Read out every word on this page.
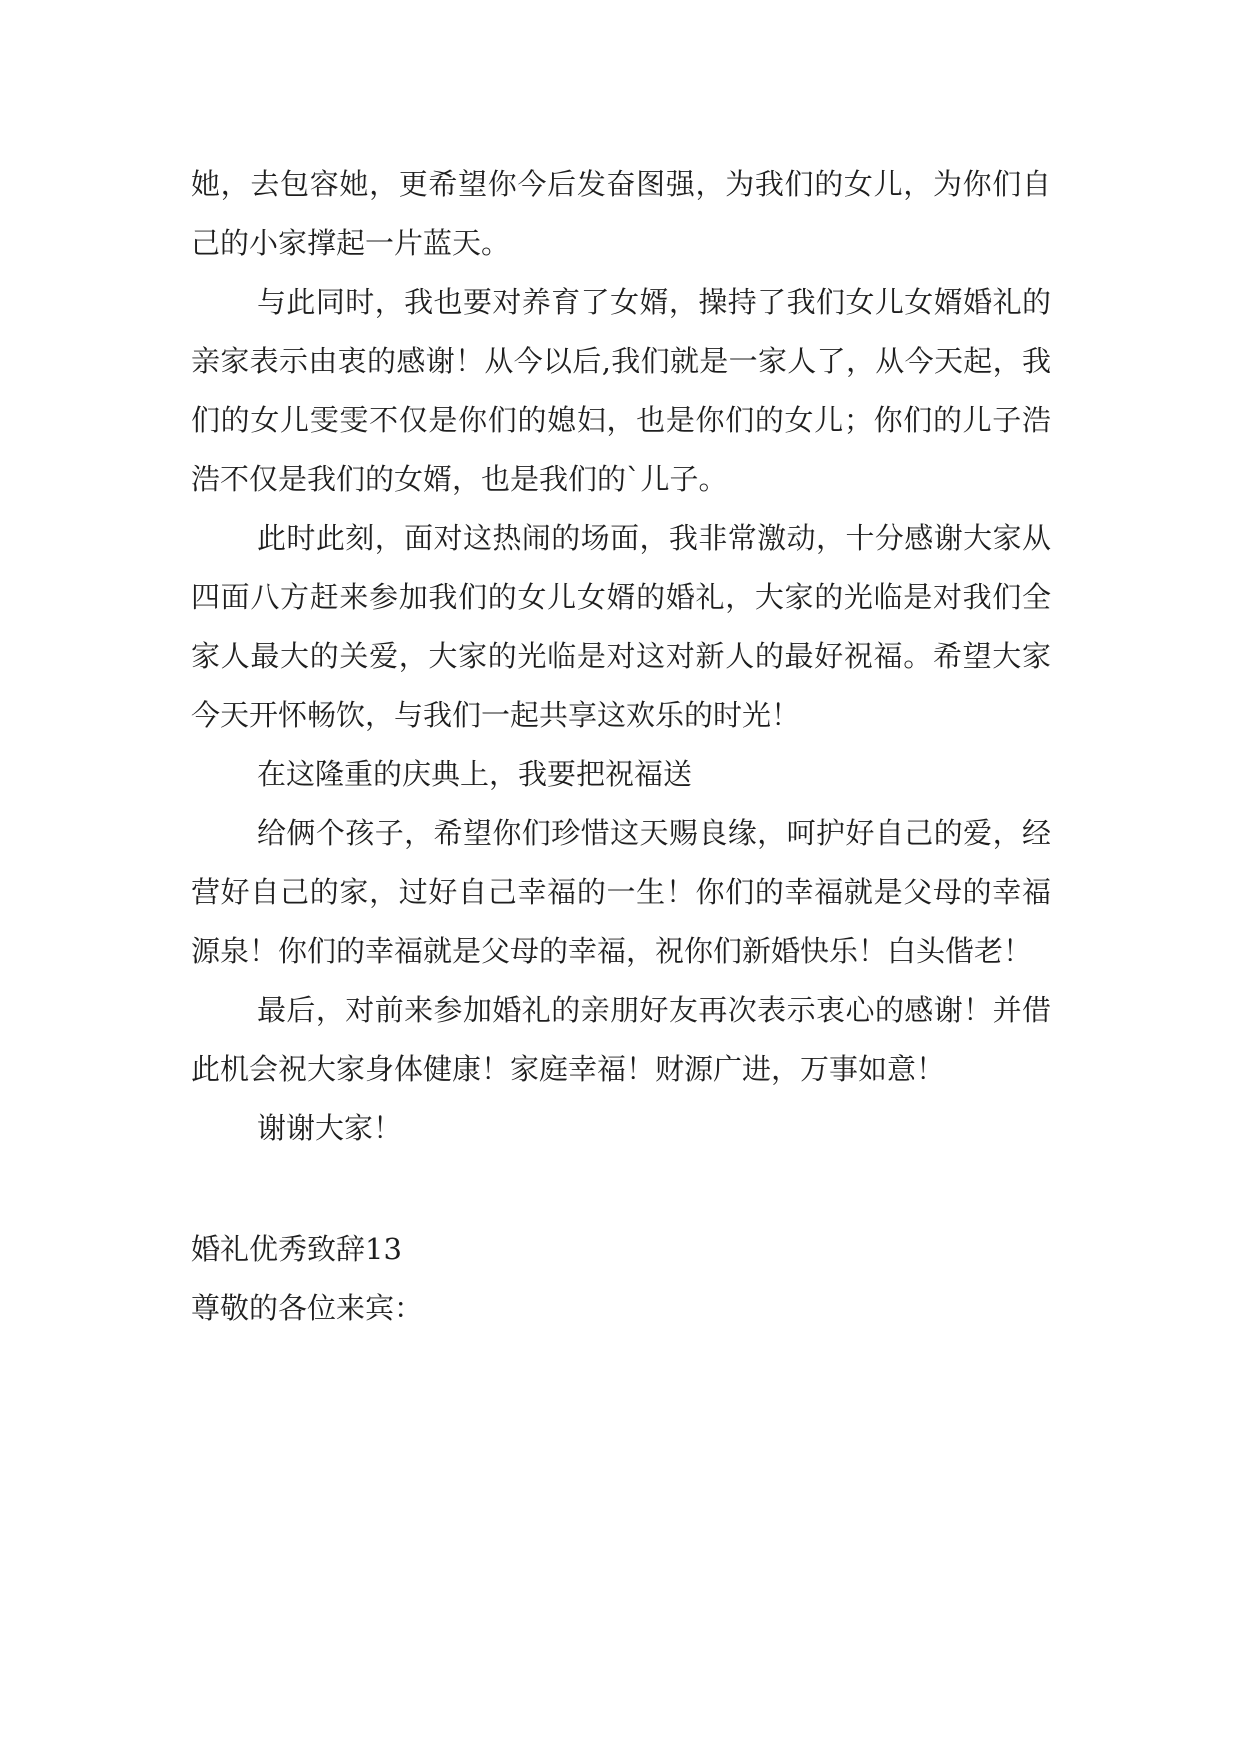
她，去包容她，更希望你今后发奋图强，为我们的女儿，为你们自己的小家撑起一片蓝天。

与此同时，我也要对养育了女婿，操持了我们女儿女婿婚礼的亲家表示由衷的感谢！从今以后,我们就是一家人了，从今天起，我们的女儿雯雯不仅是你们的媳妇，也是你们的女儿；你们的儿子浩浩不仅是我们的女婿，也是我们的`儿子。

此时此刻，面对这热闹的场面，我非常激动，十分感谢大家从四面八方赶来参加我们的女儿女婿的婚礼，大家的光临是对我们全家人最大的关爱，大家的光临是对这对新人的最好祝福。希望大家今天开怀畅饮，与我们一起共享这欢乐的时光！

在这隆重的庆典上，我要把祝福送

给俩个孩子，希望你们珍惜这天赐良缘，呵护好自己的爱，经营好自己的家，过好自己幸福的一生！你们的幸福就是父母的幸福源泉！你们的幸福就是父母的幸福，祝你们新婚快乐！白头偕老！

最后，对前来参加婚礼的亲朋好友再次表示衷心的感谢！并借此机会祝大家身体健康！家庭幸福！财源广进，万事如意！

谢谢大家！

婚礼优秀致辞13

尊敬的各位来宾：
